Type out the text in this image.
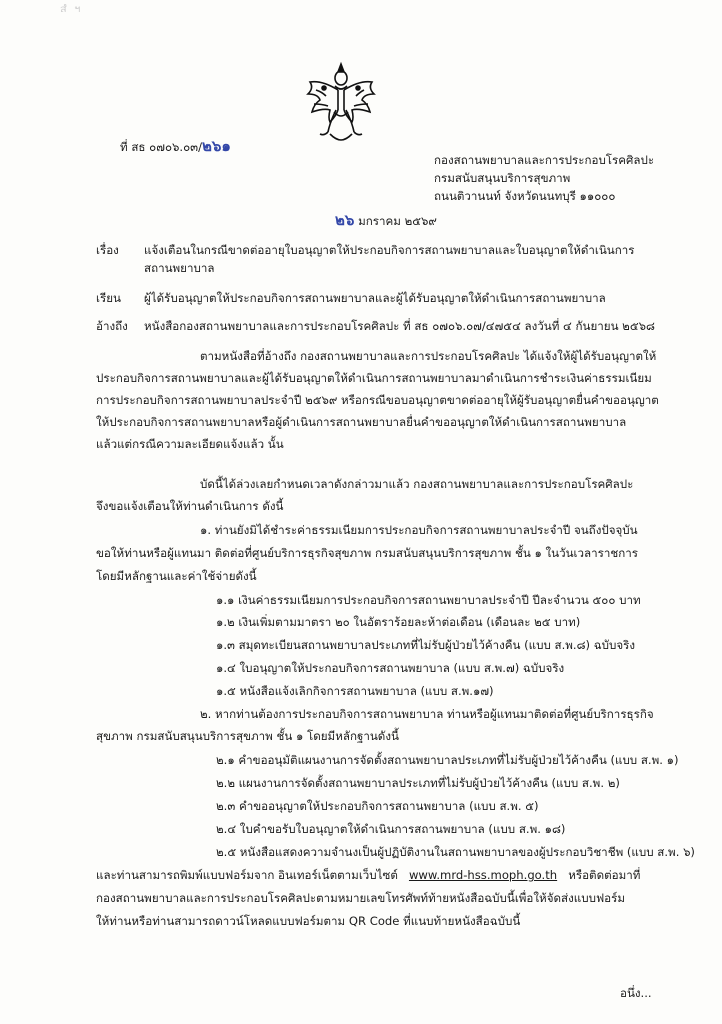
สํ ฯ
ที่ สธ ๐๗๐๖.๐๓/๒๖๑
กองสถานพยาบาลและการประกอบโรคศิลปะ
กรมสนับสนุนบริการสุขภาพ
ถนนติวานนท์ จังหวัดนนทบุรี ๑๑๐๐๐
๒๖ มกราคม ๒๕๖๙
เรื่อง แจ้งเตือนในกรณีขาดต่ออายุใบอนุญาตให้ประกอบกิจการสถานพยาบาลและใบอนุญาตให้ดำเนินการ
สถานพยาบาล
เรียน ผู้ได้รับอนุญาตให้ประกอบกิจการสถานพยาบาลและผู้ได้รับอนุญาตให้ดำเนินการสถานพยาบาล
อ้างถึง หนังสือกองสถานพยาบาลและการประกอบโรคศิลปะ ที่ สธ ๐๗๐๖.๐๗/๔๗๕๔ ลงวันที่ ๔ กันยายน ๒๕๖๘
ตามหนังสือที่อ้างถึง กองสถานพยาบาลและการประกอบโรคศิลปะ ได้แจ้งให้ผู้ได้รับอนุญาตให้
ประกอบกิจการสถานพยาบาลและผู้ได้รับอนุญาตให้ดำเนินการสถานพยาบาลมาดำเนินการชำระเงินค่าธรรมเนียม
การประกอบกิจการสถานพยาบาลประจำปี ๒๕๖๙ หรือกรณีขอบอนุญาตขาดต่ออายุให้ผู้รับอนุญาตยื่นคำขออนุญาต
ให้ประกอบกิจการสถานพยาบาลหรือผู้ดำเนินการสถานพยาบาลยื่นคำขออนุญาตให้ดำเนินการสถานพยาบาล
แล้วแต่กรณีความละเอียดแจ้งแล้ว นั้น
บัดนี้ได้ล่วงเลยกำหนดเวลาดังกล่าวมาแล้ว กองสถานพยาบาลและการประกอบโรคศิลปะ
จึงขอแจ้งเตือนให้ท่านดำเนินการ ดังนี้
๑. ท่านยังมิได้ชำระค่าธรรมเนียมการประกอบกิจการสถานพยาบาลประจำปี จนถึงปัจจุบัน
ขอให้ท่านหรือผู้แทนมา ติดต่อที่ศูนย์บริการธุรกิจสุขภาพ กรมสนับสนุนบริการสุขภาพ ชั้น ๑ ในวันเวลาราชการ
โดยมีหลักฐานและค่าใช้จ่ายดังนี้
๑.๑ เงินค่าธรรมเนียมการประกอบกิจการสถานพยาบาลประจำปี ปีละจำนวน ๕๐๐ บาท
๑.๒ เงินเพิ่มตามมาตรา ๒๐ ในอัตราร้อยละห้าต่อเดือน (เดือนละ ๒๕ บาท)
๑.๓ สมุดทะเบียนสถานพยาบาลประเภทที่ไม่รับผู้ป่วยไว้ค้างคืน (แบบ ส.พ.๘) ฉบับจริง
๑.๔ ใบอนุญาตให้ประกอบกิจการสถานพยาบาล (แบบ ส.พ.๗) ฉบับจริง
๑.๕ หนังสือแจ้งเลิกกิจการสถานพยาบาล (แบบ ส.พ.๑๗)
๒. หากท่านต้องการประกอบกิจการสถานพยาบาล ท่านหรือผู้แทนมาติดต่อที่ศูนย์บริการธุรกิจ
สุขภาพ กรมสนับสนุนบริการสุขภาพ ชั้น ๑ โดยมีหลักฐานดังนี้
๒.๑ คำขออนุมัติแผนงานการจัดตั้งสถานพยาบาลประเภทที่ไม่รับผู้ป่วยไว้ค้างคืน (แบบ ส.พ. ๑)
๒.๒ แผนงานการจัดตั้งสถานพยาบาลประเภทที่ไม่รับผู้ป่วยไว้ค้างคืน (แบบ ส.พ. ๒)
๒.๓ คำขออนุญาตให้ประกอบกิจการสถานพยาบาล (แบบ ส.พ. ๕)
๒.๔ ใบคำขอรับใบอนุญาตให้ดำเนินการสถานพยาบาล (แบบ ส.พ. ๑๘)
๒.๕ หนังสือแสดงความจำนงเป็นผู้ปฏิบัติงานในสถานพยาบาลของผู้ประกอบวิชาชีพ (แบบ ส.พ. ๖)
และท่านสามารถพิมพ์แบบฟอร์มจาก อินเทอร์เน็ตตามเว็บไซต์ www.mrd-hss.moph.go.th หรือติดต่อมาที่
กองสถานพยาบาลและการประกอบโรคศิลปะตามหมายเลขโทรศัพท์ท้ายหนังสือฉบับนี้เพื่อให้จัดส่งแบบฟอร์ม
ให้ท่านหรือท่านสามารถดาวน์โหลดแบบฟอร์มตาม QR Code ที่แนบท้ายหนังสือฉบับนี้
อนึ่ง...
